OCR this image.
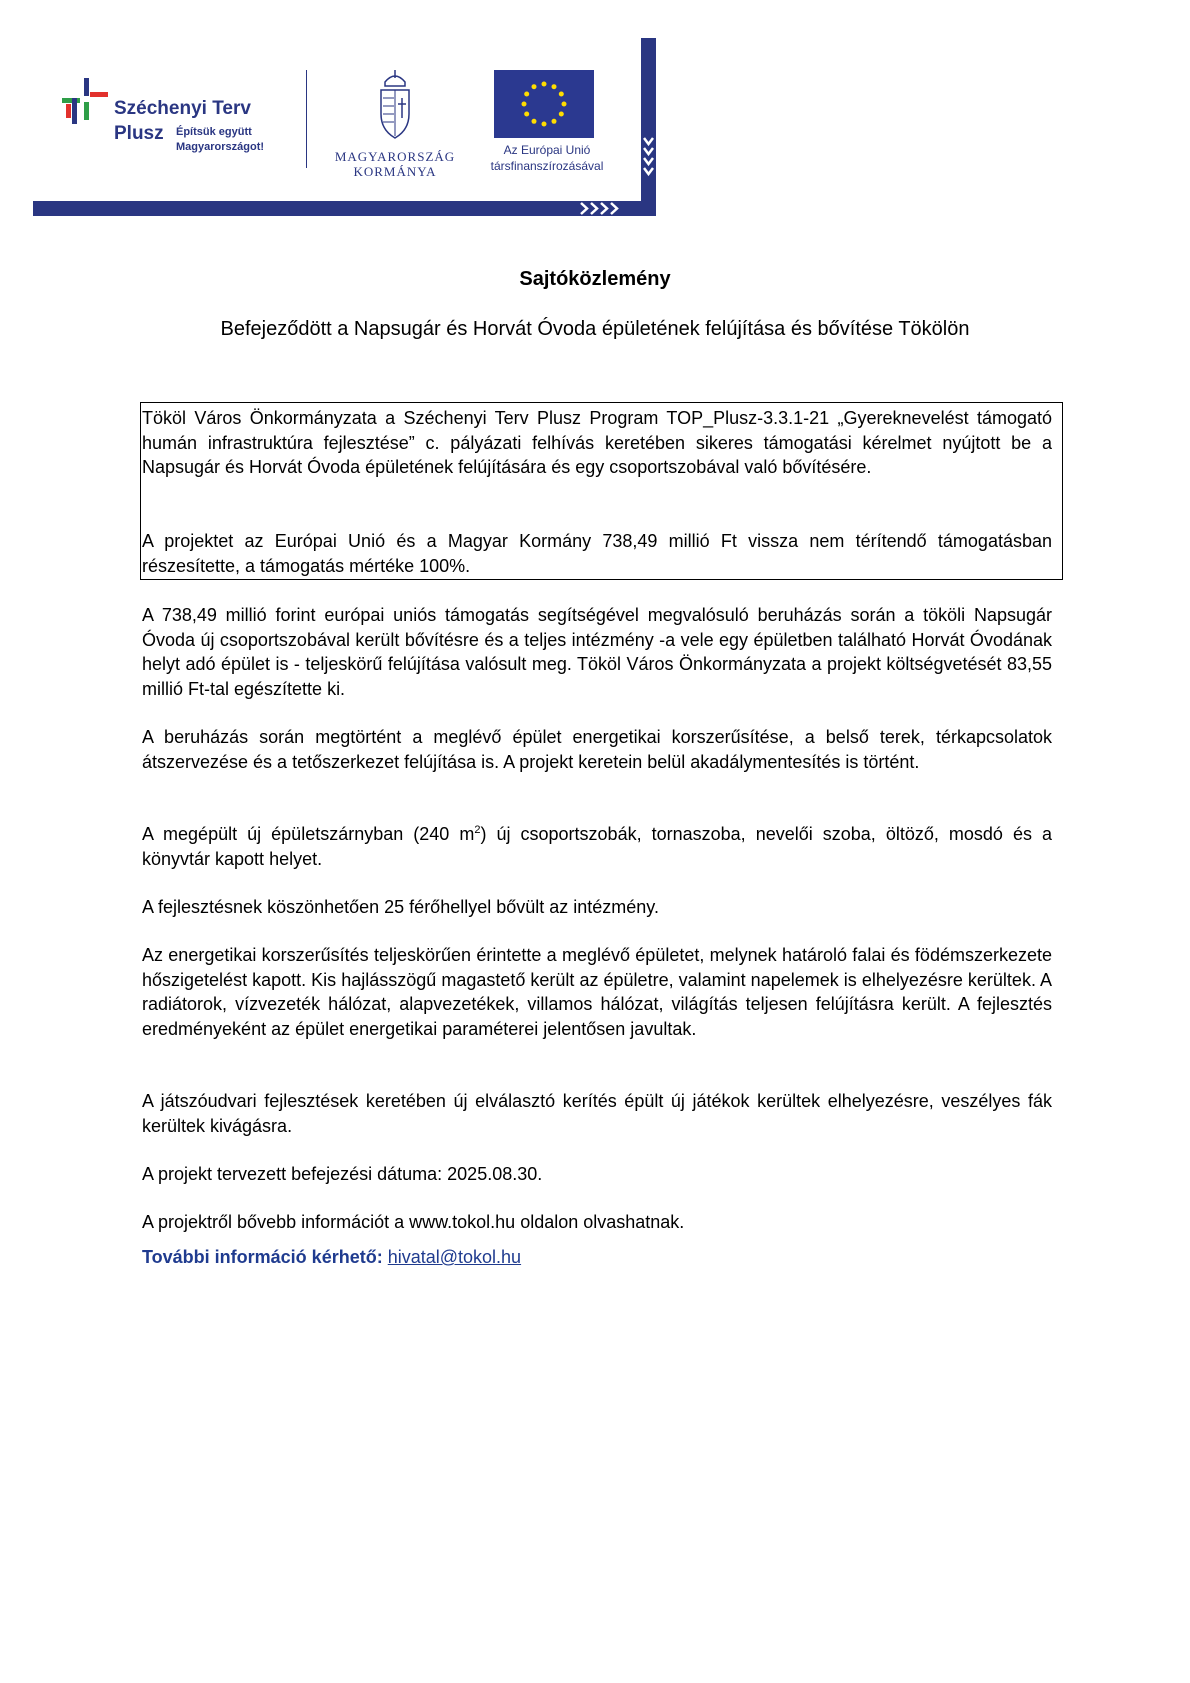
Széchenyi Terv
Plusz Építsük együtt
Magyarországot!
MAGYARORSZÁG
KORMÁNYA
Az Európai Unió
társfinanszírozásával
Sajtóközlemény
Befejeződött a Napsugár és Horvát Óvoda épületének felújítása és bővítése Tökölön
Tököl Város Önkormányzata a Széchenyi Terv Plusz Program TOP_Plusz-3.3.1-21 „Gyereknevelést támogató humán infrastruktúra fejlesztése” c. pályázati felhívás keretében sikeres támogatási kérelmet nyújtott be a Napsugár és Horvát Óvoda épületének felújítására és egy csoportszobával való bővítésére.
A projektet az Európai Unió és a Magyar Kormány 738,49 millió Ft vissza nem térítendő támogatásban részesítette, a támogatás mértéke 100%.
A 738,49 millió forint európai uniós támogatás segítségével megvalósuló beruházás során a tököli Napsugár Óvoda új csoportszobával került bővítésre és a teljes intézmény -a vele egy épületben található Horvát Óvodának helyt adó épület is - teljeskörű felújítása valósult meg. Tököl Város Önkormányzata a projekt költségvetését 83,55 millió Ft-tal egészítette ki.
A beruházás során megtörtént a meglévő épület energetikai korszerűsítése, a belső terek, térkapcsolatok átszervezése és a tetőszerkezet felújítása is. A projekt keretein belül akadálymentesítés is történt.
A megépült új épületszárnyban (240 $m^2$) új csoportszobák, tornaszoba, nevelői szoba, öltöző, mosdó és a könyvtár kapott helyet.
A fejlesztésnek köszönhetően 25 férőhellyel bővült az intézmény.
Az energetikai korszerűsítés teljeskörűen érintette a meglévő épületet, melynek határoló falai és födémszerkezete hőszigetelést kapott. Kis hajlásszögű magastető került az épületre, valamint napelemek is elhelyezésre kerültek. A radiátorok, vízvezeték hálózat, alapvezetékek, villamos hálózat, világítás teljesen felújításra került. A fejlesztés eredményeként az épület energetikai paraméterei jelentősen javultak.
A játszóudvari fejlesztések keretében új elválasztó kerítés épült új játékok kerültek elhelyezésre, veszélyes fák kerültek kivágásra.
A projekt tervezett befejezési dátuma: 2025.08.30.
A projektről bővebb információt a www.tokol.hu oldalon olvashatnak.
További információ kérhető: hivatal@tokol.hu
